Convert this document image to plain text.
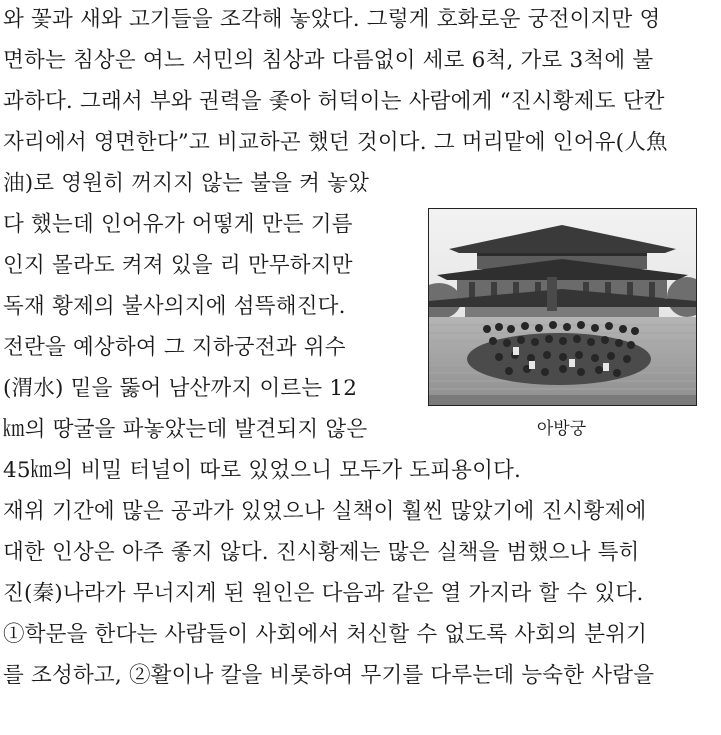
와 꽃과 새와 고기들을 조각해 놓았다. 그렇게 호화로운 궁전이지만 영
면하는 침상은 여느 서민의 침상과 다름없이 세로 6척, 가로 3척에 불
과하다. 그래서 부와 권력을 좇아 허덕이는 사람에게 “진시황제도 단칸
자리에서 영면한다”고 비교하곤 했던 것이다. 그 머리맡에 인어유(人魚
油)로 영원히 꺼지지 않는 불을 켜 놓았
다 했는데 인어유가 어떻게 만든 기름
인지 몰라도 켜져 있을 리 만무하지만
독재 황제의 불사의지에 섬뜩해진다.
전란을 예상하여 그 지하궁전과 위수
(渭水) 밑을 뚫어 남산까지 이르는 12
㎞의 땅굴을 파놓았는데 발견되지 않은
45㎞의 비밀 터널이 따로 있었으니 모두가 도피용이다.
재위 기간에 많은 공과가 있었으나 실책이 훨씬 많았기에 진시황제에
대한 인상은 아주 좋지 않다. 진시황제는 많은 실책을 범했으나 특히
진(秦)나라가 무너지게 된 원인은 다음과 같은 열 가지라 할 수 있다.
①학문을 한다는 사람들이 사회에서 처신할 수 없도록 사회의 분위기
를 조성하고, ②활이나 칼을 비롯하여 무기를 다루는데 능숙한 사람을
아방궁
